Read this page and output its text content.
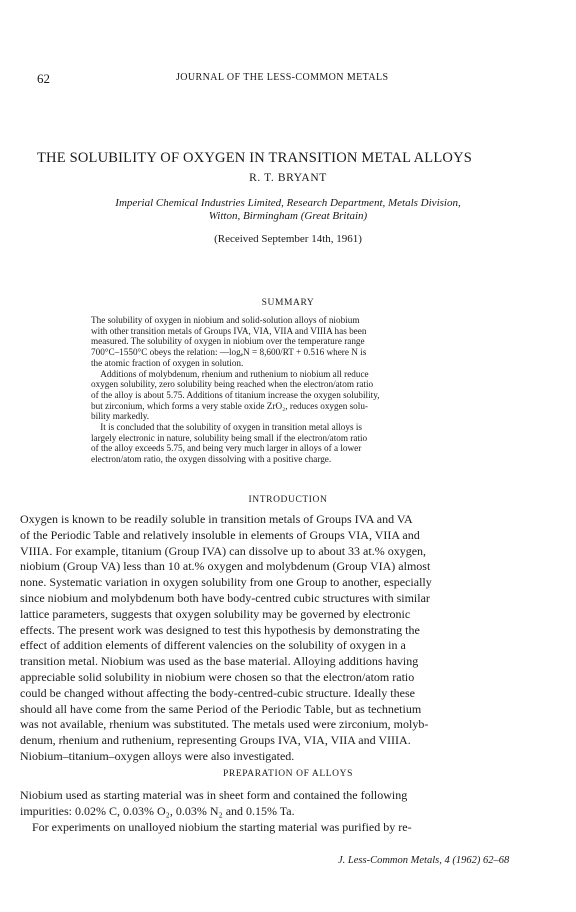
62	JOURNAL OF THE LESS-COMMON METALS
THE SOLUBILITY OF OXYGEN IN TRANSITION METAL ALLOYS
R. T. BRYANT
Imperial Chemical Industries Limited, Research Department, Metals Division,
Witton, Birmingham (Great Britain)
(Received September 14th, 1961)
SUMMARY
The solubility of oxygen in niobium and solid-solution alloys of niobium
with other transition metals of Groups IVA, VIA, VIIA and VIIIA has been
measured. The solubility of oxygen in niobium over the temperature range
700°C–1550°C obeys the relation: —logₑN = 8,600/RT + 0.516 where N is
the atomic fraction of oxygen in solution.
 Additions of molybdenum, rhenium and ruthenium to niobium all reduce
oxygen solubility, zero solubility being reached when the electron/atom ratio
of the alloy is about 5.75. Additions of titanium increase the oxygen solubility,
but zirconium, which forms a very stable oxide ZrO₂, reduces oxygen solu-
bility markedly.
 It is concluded that the solubility of oxygen in transition metal alloys is
largely electronic in nature, solubility being small if the electron/atom ratio
of the alloy exceeds 5.75, and being very much larger in alloys of a lower
electron/atom ratio, the oxygen dissolving with a positive charge.
INTRODUCTION
Oxygen is known to be readily soluble in transition metals of Groups IVA and VA
of the Periodic Table and relatively insoluble in elements of Groups VIA, VIIA and
VIIIA. For example, titanium (Group IVA) can dissolve up to about 33 at.% oxygen,
niobium (Group VA) less than 10 at.% oxygen and molybdenum (Group VIA) almost
none. Systematic variation in oxygen solubility from one Group to another, especially
since niobium and molybdenum both have body-centred cubic structures with similar
lattice parameters, suggests that oxygen solubility may be governed by electronic
effects. The present work was designed to test this hypothesis by demonstrating the
effect of addition elements of different valencies on the solubility of oxygen in a
transition metal. Niobium was used as the base material. Alloying additions having
appreciable solid solubility in niobium were chosen so that the electron/atom ratio
could be changed without affecting the body-centred-cubic structure. Ideally these
should all have come from the same Period of the Periodic Table, but as technetium
was not available, rhenium was substituted. The metals used were zirconium, molyb-
denum, rhenium and ruthenium, representing Groups IVA, VIA, VIIA and VIIIA.
Niobium–titanium–oxygen alloys were also investigated.
PREPARATION OF ALLOYS
Niobium used as starting material was in sheet form and contained the following
impurities: 0.02% C, 0.03% O₂, 0.03% N₂ and 0.15% Ta.
 For experiments on unalloyed niobium the starting material was purified by re-
J. Less-Common Metals, 4 (1962) 62–68
